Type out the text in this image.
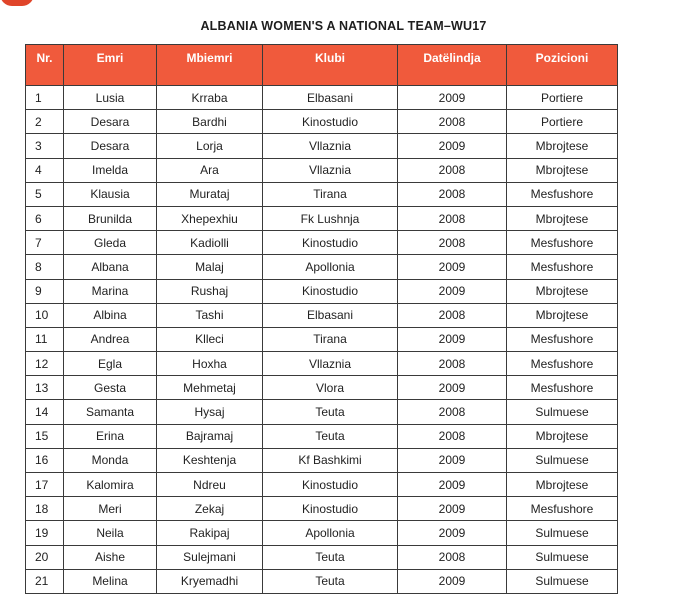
ALBANIA WOMEN'S A NATIONAL TEAM–WU17
Nr.	Emri	Mbiemri	Klubi	Datëlindja	Pozicioni
1	Lusia	Krraba	Elbasani	2009	Portiere
2	Desara	Bardhi	Kinostudio	2008	Portiere
3	Desara	Lorja	Vllaznia	2009	Mbrojtese
4	Imelda	Ara	Vllaznia	2008	Mbrojtese
5	Klausia	Murataj	Tirana	2008	Mesfushore
6	Brunilda	Xhepexhiu	Fk Lushnja	2008	Mbrojtese
7	Gleda	Kadiolli	Kinostudio	2008	Mesfushore
8	Albana	Malaj	Apollonia	2009	Mesfushore
9	Marina	Rushaj	Kinostudio	2009	Mbrojtese
10	Albina	Tashi	Elbasani	2008	Mbrojtese
11	Andrea	Klleci	Tirana	2009	Mesfushore
12	Egla	Hoxha	Vllaznia	2008	Mesfushore
13	Gesta	Mehmetaj	Vlora	2009	Mesfushore
14	Samanta	Hysaj	Teuta	2008	Sulmuese
15	Erina	Bajramaj	Teuta	2008	Mbrojtese
16	Monda	Keshtenja	Kf Bashkimi	2009	Sulmuese
17	Kalomira	Ndreu	Kinostudio	2009	Mbrojtese
18	Meri	Zekaj	Kinostudio	2009	Mesfushore
19	Neila	Rakipaj	Apollonia	2009	Sulmuese
20	Aishe	Sulejmani	Teuta	2008	Sulmuese
21	Melina	Kryemadhi	Teuta	2009	Sulmuese
